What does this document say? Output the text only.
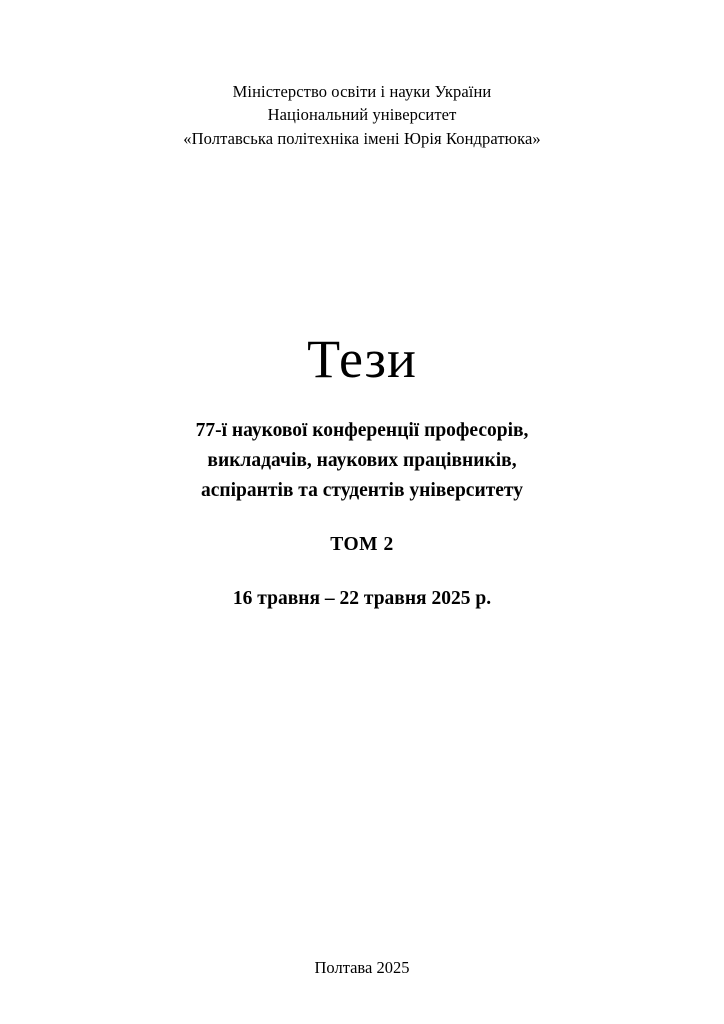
Міністерство освіти і науки України
Національний університет
«Полтавська політехніка імені Юрія Кондратюка»
Тези
77-ї наукової конференції професорів,
викладачів, наукових працівників,
аспірантів та студентів університету
ТОМ 2
16 травня – 22 травня 2025 р.
Полтава 2025
